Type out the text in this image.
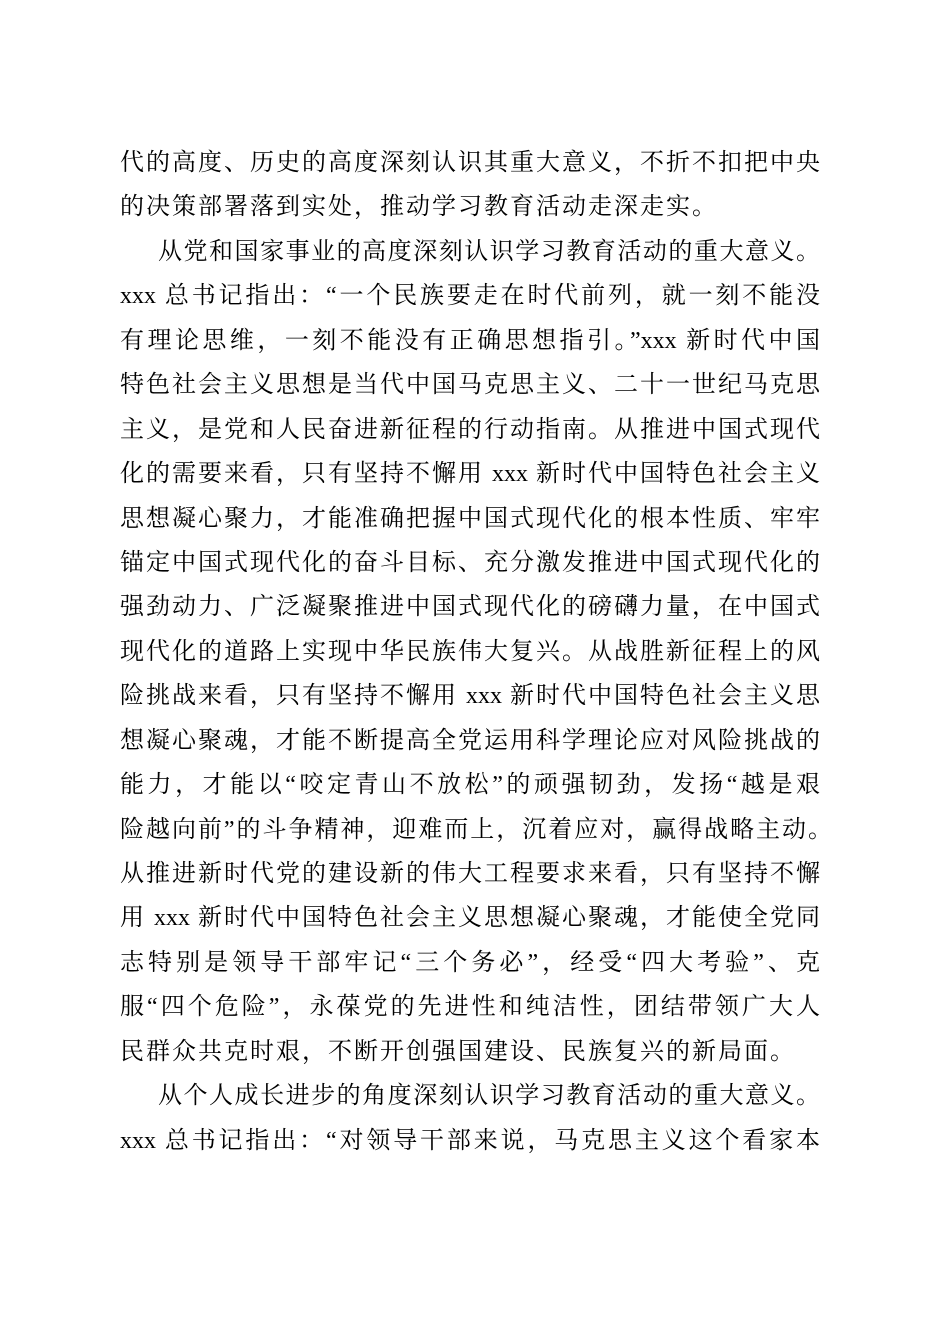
代的高度、历史的高度深刻认识其重大意义，不折不扣把中央
的决策部署落到实处，推动学习教育活动走深走实。
从党和国家事业的高度深刻认识学习教育活动的重大意义。
xxx 总书记指出：“一个民族要走在时代前列，就一刻不能没
有理论思维，一刻不能没有正确思想指引。”xxx 新时代中国
特色社会主义思想是当代中国马克思主义、二十一世纪马克思
主义，是党和人民奋进新征程的行动指南。从推进中国式现代
化的需要来看，只有坚持不懈用 xxx 新时代中国特色社会主义
思想凝心聚力，才能准确把握中国式现代化的根本性质、牢牢
锚定中国式现代化的奋斗目标、充分激发推进中国式现代化的
强劲动力、广泛凝聚推进中国式现代化的磅礴力量，在中国式
现代化的道路上实现中华民族伟大复兴。从战胜新征程上的风
险挑战来看，只有坚持不懈用 xxx 新时代中国特色社会主义思
想凝心聚魂，才能不断提高全党运用科学理论应对风险挑战的
能力，才能以“咬定青山不放松”的顽强韧劲，发扬“越是艰
险越向前”的斗争精神，迎难而上，沉着应对，赢得战略主动。
从推进新时代党的建设新的伟大工程要求来看，只有坚持不懈
用 xxx 新时代中国特色社会主义思想凝心聚魂，才能使全党同
志特别是领导干部牢记“三个务必”，经受“四大考验”、克
服“四个危险”，永葆党的先进性和纯洁性，团结带领广大人
民群众共克时艰，不断开创强国建设、民族复兴的新局面。
从个人成长进步的角度深刻认识学习教育活动的重大意义。
xxx 总书记指出：“对领导干部来说，马克思主义这个看家本
